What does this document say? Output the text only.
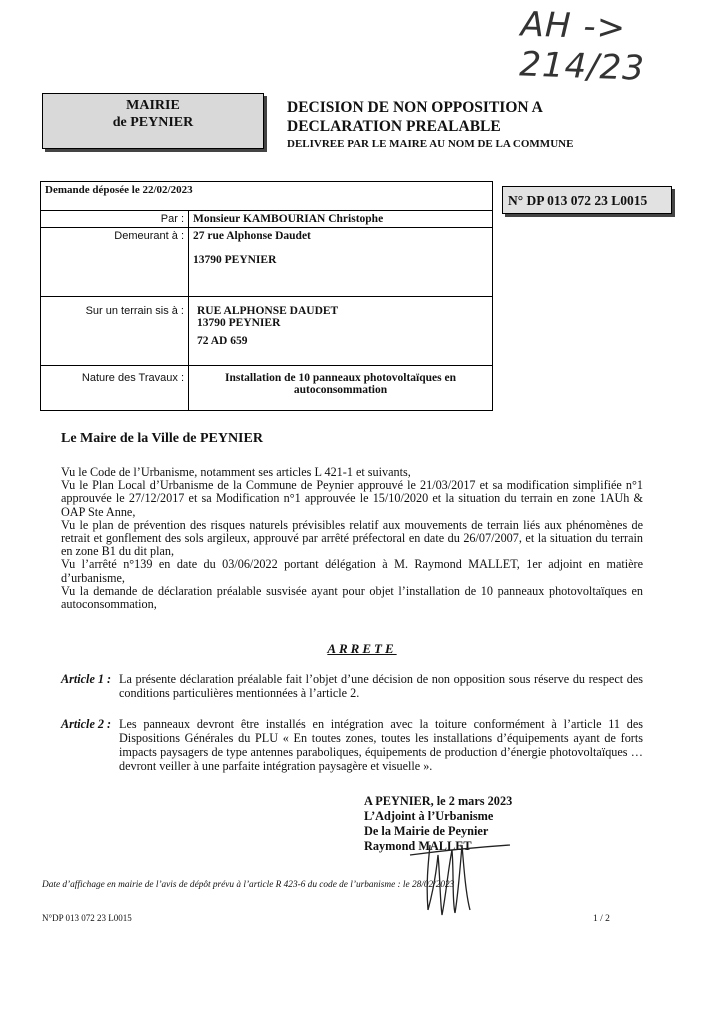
AH -> 214/23
MAIRIE
de PEYNIER
DECISION DE NON OPPOSITION A
DECLARATION PREALABLE
DELIVREE PAR LE MAIRE AU NOM DE LA COMMUNE
N° DP 013 072 23 L0015
Demande déposée le 22/02/2023	
Par :	Monsieur KAMBOURIAN Christophe
Demeurant à :	27 rue Alphonse Daudet
13790 PEYNIER

Sur un terrain sis à :	RUE ALPHONSE DAUDET
13790 PEYNIER
72 AD 659

Nature des Travaux :	Installation de 10 panneaux photovoltaïques en autoconsommation
Le Maire de la Ville de PEYNIER

Vu le Code de l’Urbanisme, notamment ses articles L 421-1 et suivants,

Vu le Plan Local d’Urbanisme de la Commune de Peynier approuvé le 21/03/2017 et sa modification simplifiée n°1 approuvée le 27/12/2017 et sa Modification n°1 approuvée le 15/10/2020 et la situation du terrain en zone 1AUh & OAP Ste Anne,

Vu le plan de prévention des risques naturels prévisibles relatif aux mouvements de terrain liés aux phénomènes de retrait et gonflement des sols argileux, approuvé par arrêté préfectoral en date du 26/07/2007, et la situation du terrain en zone B1 du dit plan,

Vu l’arrêté n°139 en date du 03/06/2022 portant délégation à M. Raymond MALLET, 1er adjoint en matière d’urbanisme,

Vu la demande de déclaration préalable susvisée ayant pour objet l’installation de 10 panneaux photovoltaïques en autoconsommation,

ARRETE
Article 1 : La présente déclaration préalable fait l’objet d’une décision de non opposition sous réserve du respect des conditions particulières mentionnées à l’article 2.
Article 2 : Les panneaux devront être installés en intégration avec la toiture conformément à l’article 11 des Dispositions Générales du PLU « En toutes zones, toutes les installations d’équipements ayant de forts impacts paysagers de type antennes paraboliques, équipements de production d’énergie photovoltaïques … devront veiller à une parfaite intégration paysagère et visuelle ».

A PEYNIER, le 2 mars 2023

L’Adjoint à l’Urbanisme

De la Mairie de Peynier

Raymond MALLET

Date d’affichage en mairie de l’avis de dépôt prévu à l’article R 423-6 du code de l’urbanisme : le 28/02/2023
N°DP 013 072 23 L0015	1 / 2
